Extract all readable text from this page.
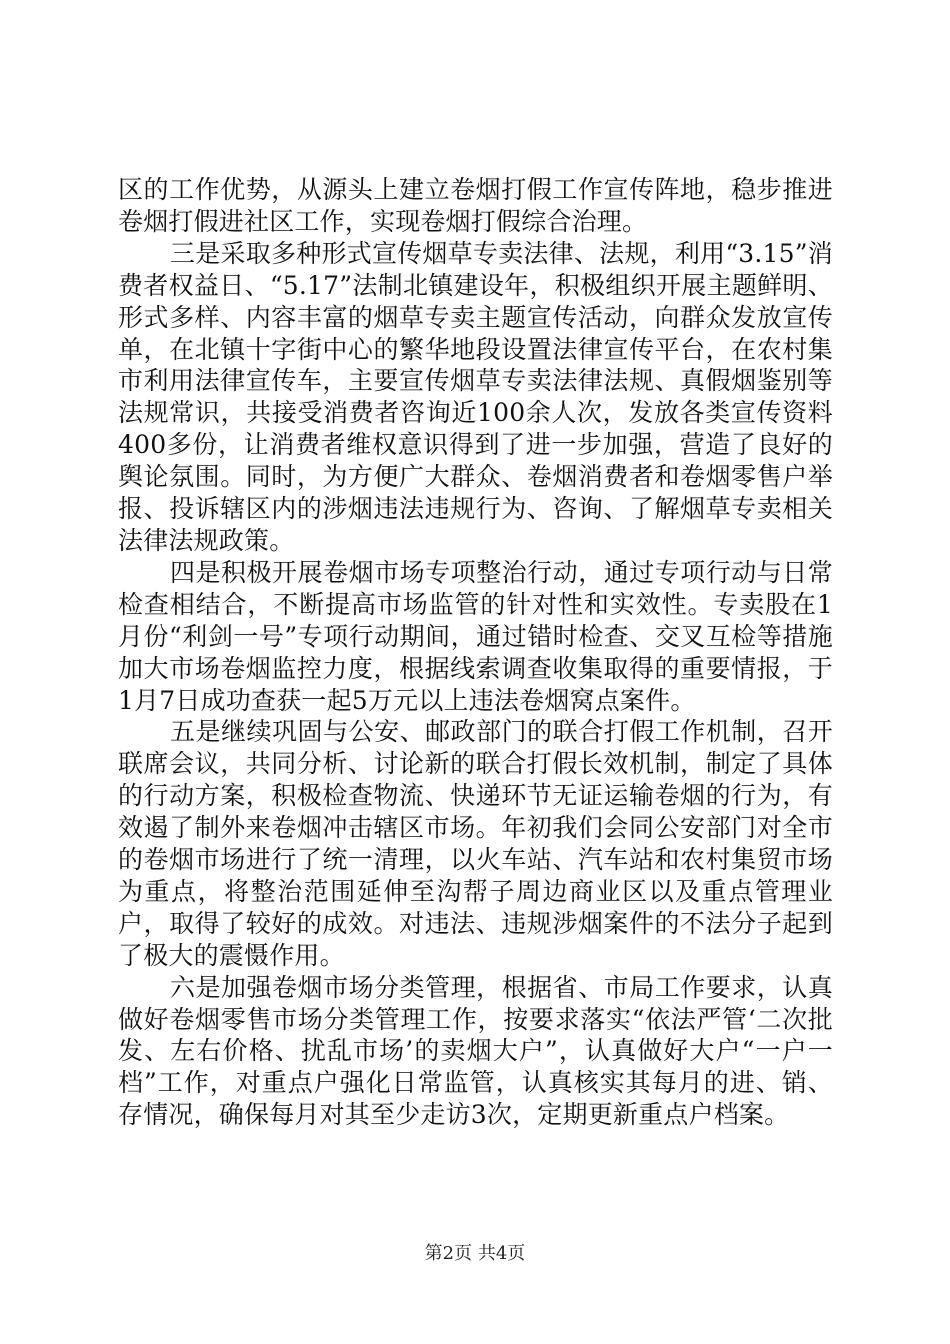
区的工作优势，从源头上建立卷烟打假工作宣传阵地，稳步推进卷烟打假进社区工作，实现卷烟打假综合治理。

三是采取多种形式宣传烟草专卖法律、法规，利用“3.15”消费者权益日、“5.17”法制北镇建设年，积极组织开展主题鲜明、形式多样、内容丰富的烟草专卖主题宣传活动，向群众发放宣传单，在北镇十字街中心的繁华地段设置法律宣传平台，在农村集市利用法律宣传车，主要宣传烟草专卖法律法规、真假烟鉴别等法规常识，共接受消费者咨询近100余人次，发放各类宣传资料400多份，让消费者维权意识得到了进一步加强，营造了良好的舆论氛围。同时，为方便广大群众、卷烟消费者和卷烟零售户举报、投诉辖区内的涉烟违法违规行为、咨询、了解烟草专卖相关法律法规政策。

四是积极开展卷烟市场专项整治行动，通过专项行动与日常检查相结合，不断提高市场监管的针对性和实效性。专卖股在1月份“利剑一号”专项行动期间，通过错时检查、交叉互检等措施加大市场卷烟监控力度，根据线索调查收集取得的重要情报，于1月7日成功查获一起5万元以上违法卷烟窝点案件。

五是继续巩固与公安、邮政部门的联合打假工作机制，召开联席会议，共同分析、讨论新的联合打假长效机制，制定了具体的行动方案，积极检查物流、快递环节无证运输卷烟的行为，有效遏了制外来卷烟冲击辖区市场。年初我们会同公安部门对全市的卷烟市场进行了统一清理，以火车站、汽车站和农村集贸市场为重点，将整治范围延伸至沟帮子周边商业区以及重点管理业户，取得了较好的成效。对违法、违规涉烟案件的不法分子起到了极大的震慑作用。

六是加强卷烟市场分类管理，根据省、市局工作要求，认真做好卷烟零售市场分类管理工作，按要求落实“依法严管‘二次批发、左右价格、扰乱市场’的卖烟大户”，认真做好大户“一户一档”工作，对重点户强化日常监管，认真核实其每月的进、销、存情况，确保每月对其至少走访3次，定期更新重点户档案。

第2页 共4页
